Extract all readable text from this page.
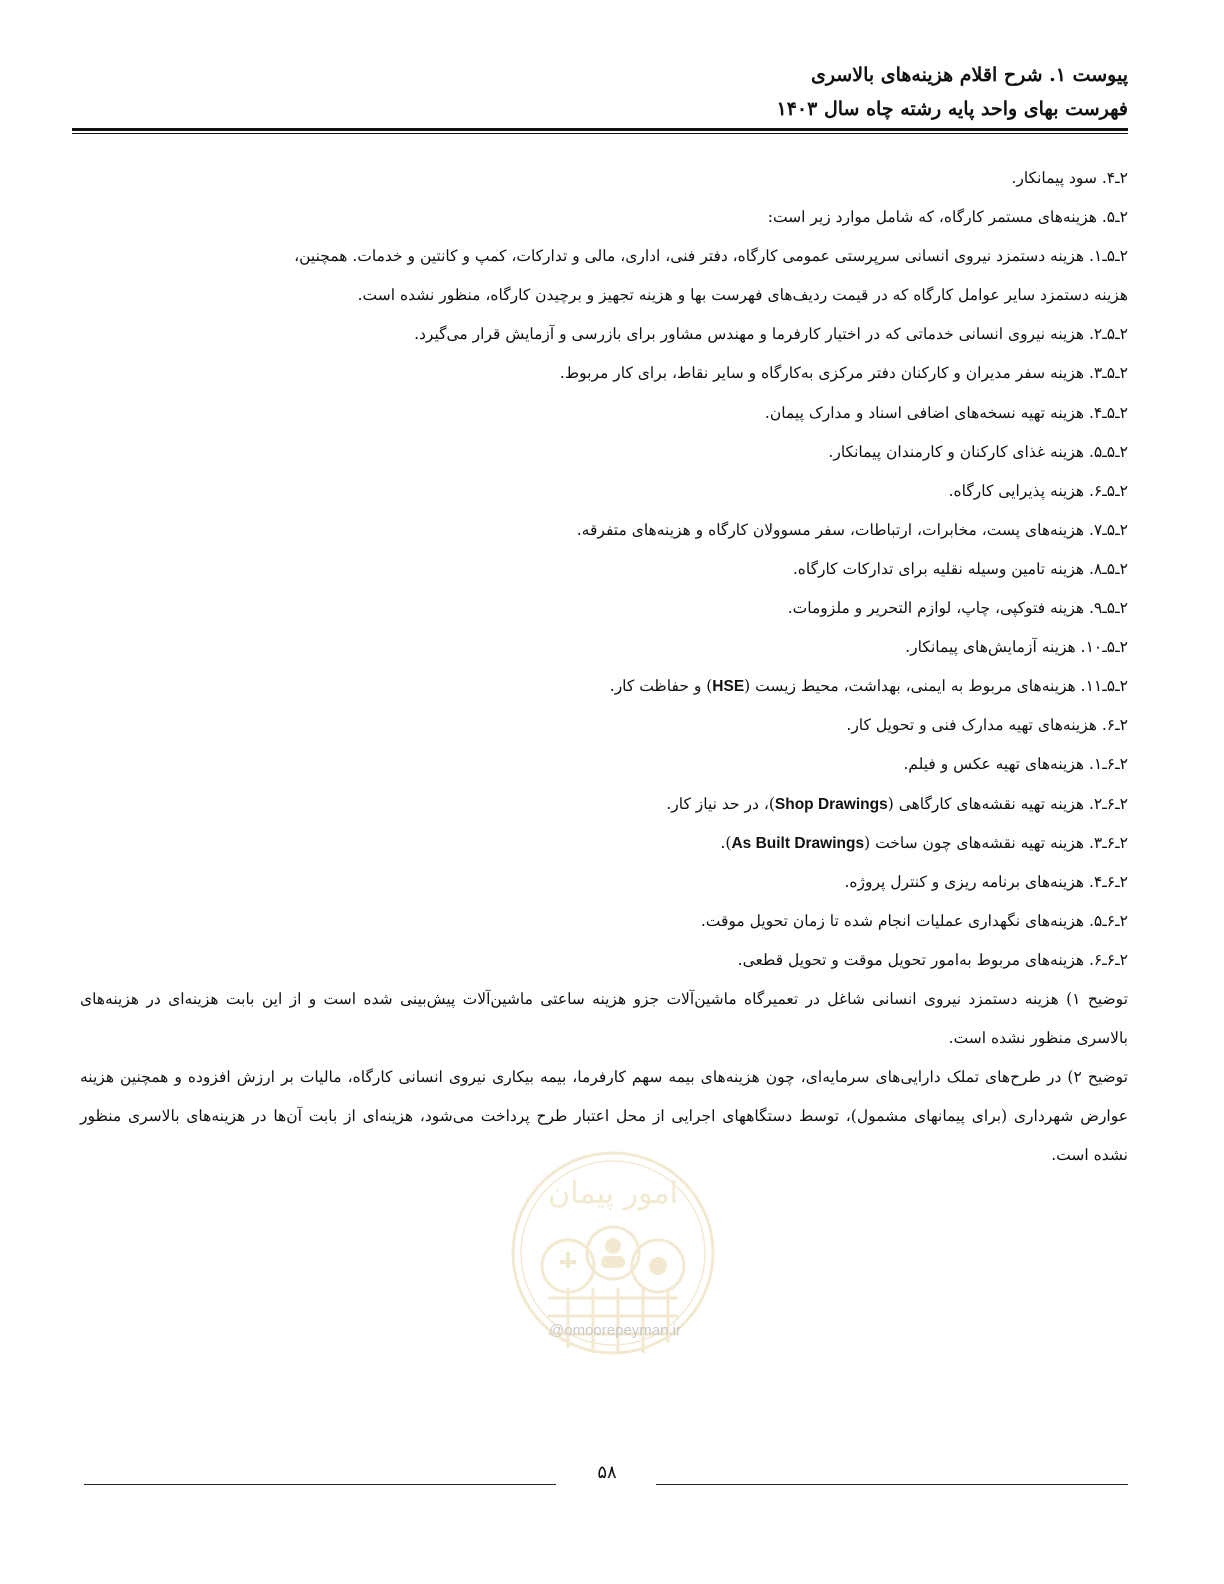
پیوست ۱. شرح اقلام هزینه‌های بالاسری
فهرست بهای واحد پایه رشته چاه سال ۱۴۰۳

۲ـ۴. سود پیمانکار.

۲ـ۵. هزینه‌های مستمر کارگاه، که شامل موارد زیر است:

۲ـ۵ـ۱. هزینه دستمزد نیروی انسانی سرپرستی عمومی کارگاه، دفتر فنی، اداری، مالی و تدارکات، کمپ و کانتین و خدمات. همچنین،

هزینه دستمزد سایر عوامل کارگاه که در قیمت ردیف‌های فهرست بها و هزینه تجهیز و برچیدن کارگاه، منظور نشده است.

۲ـ۵ـ۲. هزینه نیروی انسانی خدماتی که در اختیار کارفرما و مهندس مشاور برای بازرسی و آزمایش قرار می‌گیرد.

۲ـ۵ـ۳. هزینه سفر مدیران و کارکنان دفتر مرکزی به‌کارگاه و سایر نقاط، برای کار مربوط.

۲ـ۵ـ۴. هزینه تهیه نسخه‌های اضافی اسناد و مدارک پیمان.

۲ـ۵ـ۵. هزینه غذای کارکنان و کارمندان پیمانکار.

۲ـ۵ـ۶. هزینه پذیرایی کارگاه.

۲ـ۵ـ۷. هزینه‌های پست، مخابرات، ارتباطات، سفر مسوولان کارگاه و هزینه‌های متفرقه.

۲ـ۵ـ۸. هزینه تامین وسیله نقلیه برای تدارکات کارگاه.

۲ـ۵ـ۹. هزینه فتوکپی، چاپ، لوازم التحریر و ملزومات.

۲ـ۵ـ۱۰. هزینه آزمایش‌های پیمانکار.

۲ـ۵ـ۱۱. هزینه‌های مربوط به ایمنی، بهداشت، محیط زیست (HSE) و حفاظت کار.

۲ـ۶. هزینه‌های تهیه مدارک فنی و تحویل کار.

۲ـ۶ـ۱. هزینه‌های تهیه عکس و فیلم.

۲ـ۶ـ۲. هزینه تهیه نقشه‌های کارگاهی (Shop Drawings)، در حد نیاز کار.

۲ـ۶ـ۳. هزینه تهیه نقشه‌های چون ساخت (As Built Drawings).

۲ـ۶ـ۴. هزینه‌های برنامه ریزی و کنترل پروژه.

۲ـ۶ـ۵. هزینه‌های نگهداری عملیات انجام شده تا زمان تحویل موقت.

۲ـ۶ـ۶. هزینه‌های مربوط به‌امور تحویل موقت و تحویل قطعی.

توضیح ۱) هزینه دستمزد نیروی انسانی شاغل در تعمیرگاه ماشین‌آلات جزو هزینه ساعتی ماشین‌آلات پیش‌بینی شده است و از این بابت هزینه‌ای در هزینه‌های بالاسری منظور نشده است.

توضیح ۲) در طرح‌های تملک دارایی‌های سرمایه‌ای، چون هزینه‌های بیمه سهم کارفرما، بیمه بیکاری نیروی انسانی کارگاه، مالیات بر ارزش افزوده و همچنین هزینه عوارض شهرداری (برای پیمانهای مشمول)، توسط دستگاههای اجرایی از محل اعتبار طرح پرداخت می‌شود، هزینه‌ای از بابت آن‌ها در هزینه‌های بالاسری منظور نشده است.

امور پیمان
@omoorepeyman.ir
۵۸
